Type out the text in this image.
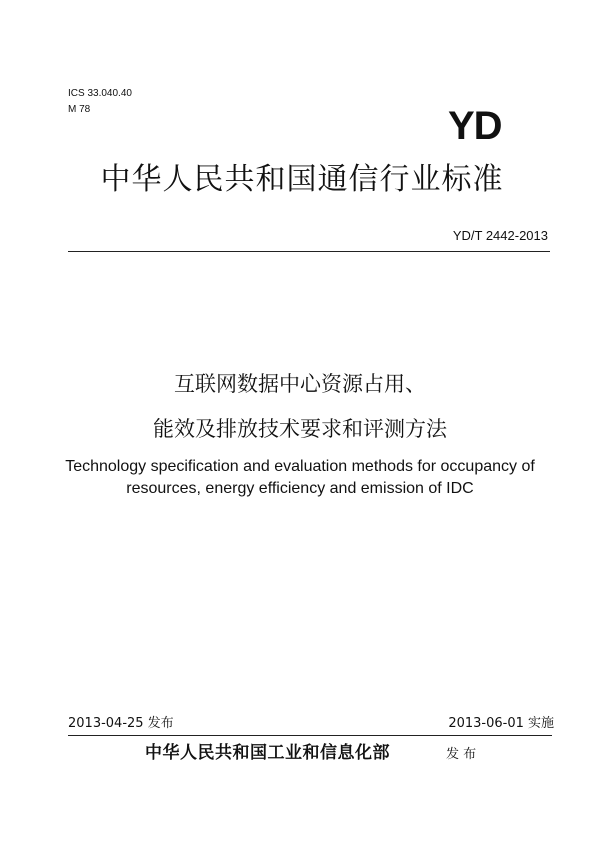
ICS 33.040.40
M 78	YD
中华人民共和国通信行业标准
YD/T 2442-2013
互联网数据中心资源占用、
能效及排放技术要求和评测方法
Technology specification and evaluation methods for occupancy of
resources, energy efficiency and emission of IDC
2013-04-25 发布	2013-06-01 实施
中华人民共和国工业和信息化部	发 布
